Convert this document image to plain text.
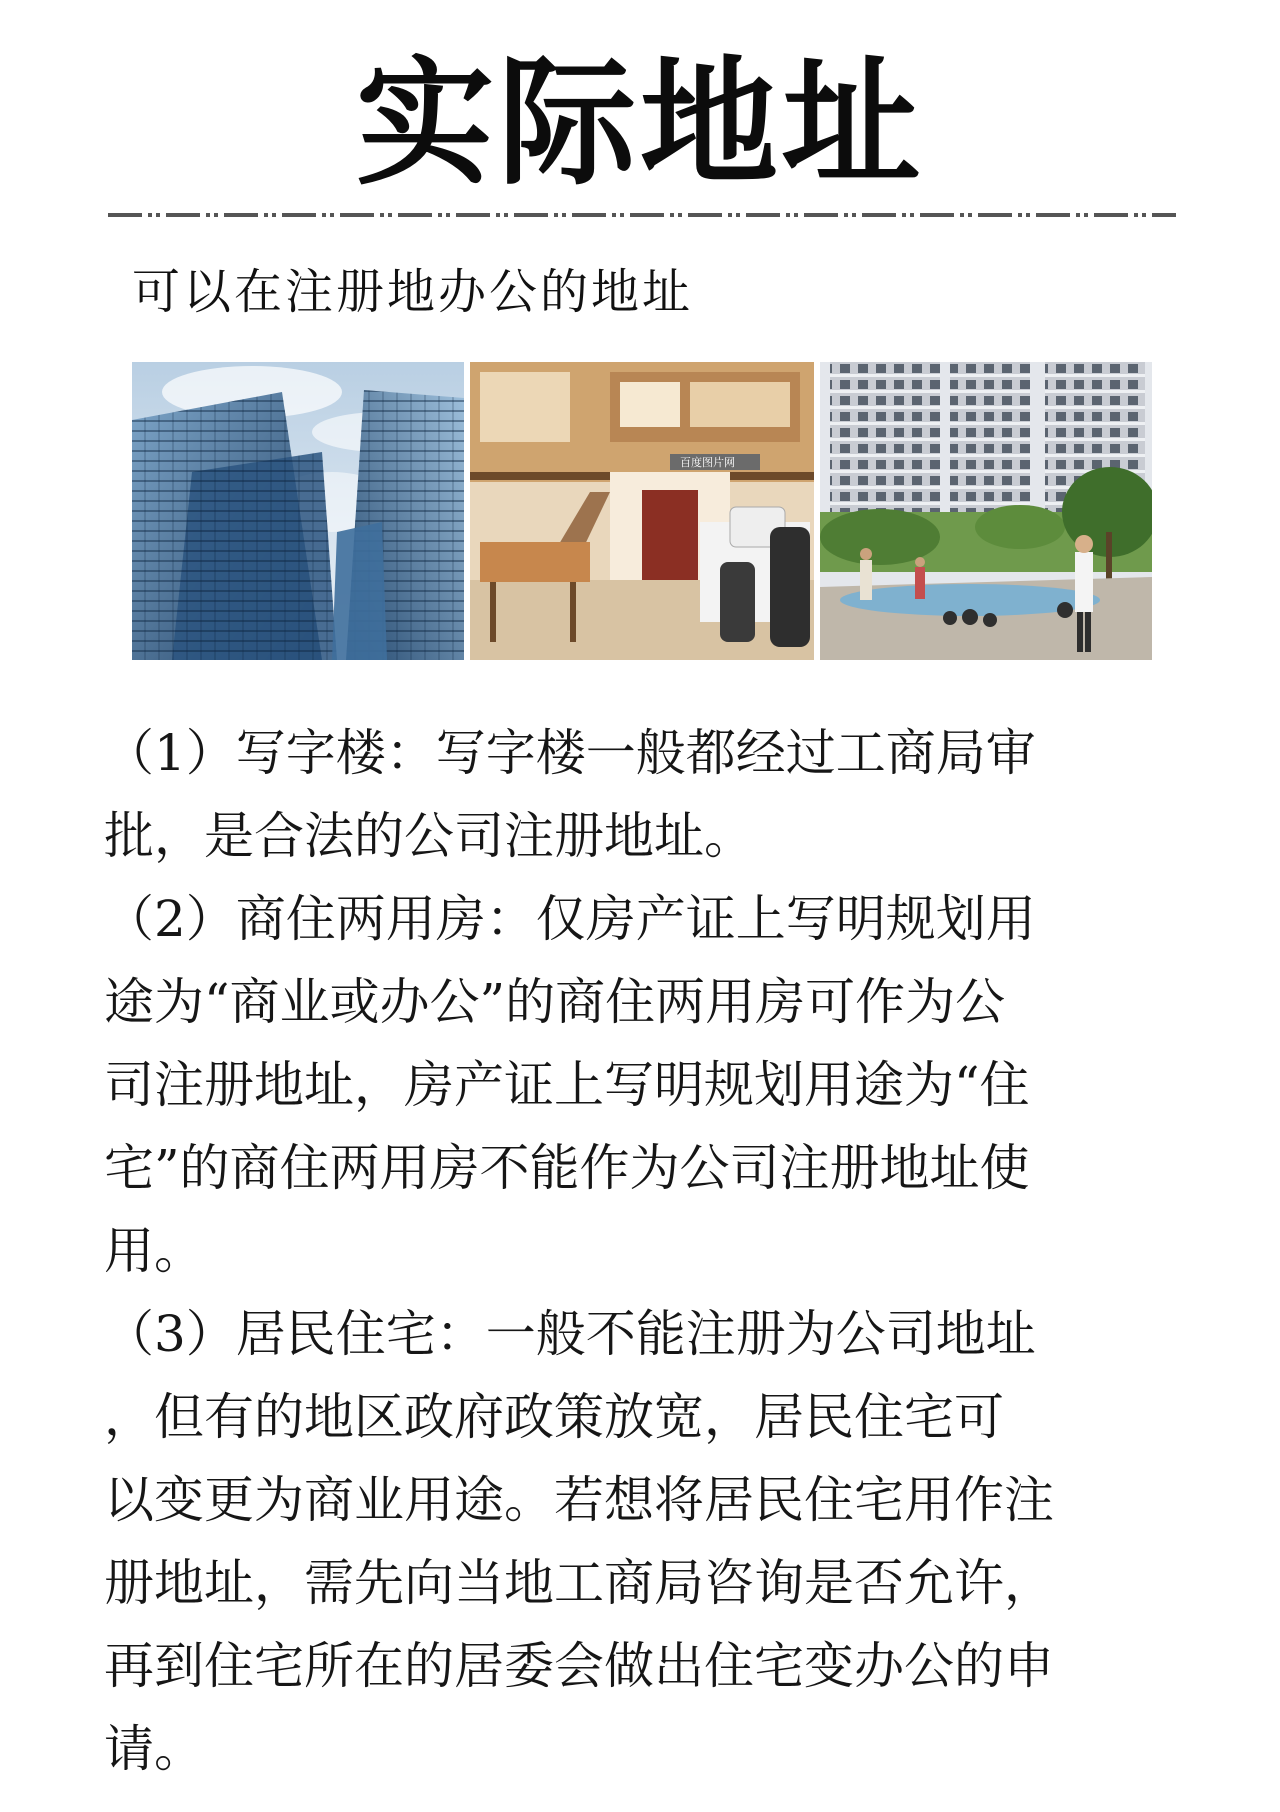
实际地址
可以在注册地办公的地址
百度图片网
（1）写字楼：写字楼一般都经过工商局审
批，是合法的公司注册地址。
（2）商住两用房：仅房产证上写明规划用
途为“商业或办公”的商住两用房可作为公
司注册地址，房产证上写明规划用途为“住
宅”的商住两用房不能作为公司注册地址使
用。
（3）居民住宅：一般不能注册为公司地址
，但有的地区政府政策放宽，居民住宅可
以变更为商业用途。若想将居民住宅用作注
册地址，需先向当地工商局咨询是否允许，
再到住宅所在的居委会做出住宅变办公的申
请。
